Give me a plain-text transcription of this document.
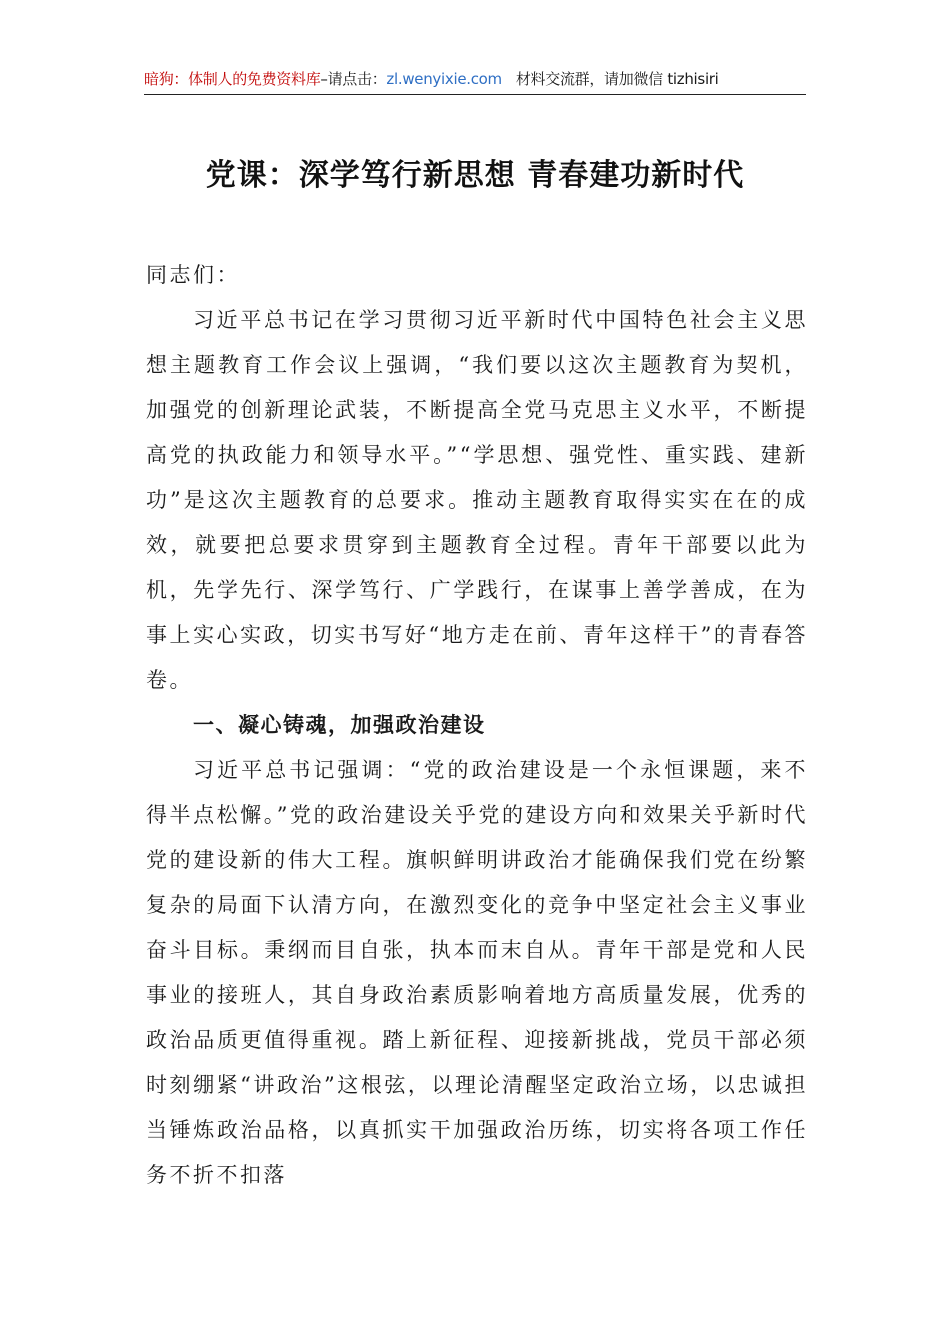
暗狗：体制人的免费资料库–请点击：zl.wenyixie.com 材料交流群，请加微信 tizhisiri
党课：深学笃行新思想 青春建功新时代

同志们：

习近平总书记在学习贯彻习近平新时代中国特色社会主义思想主题教育工作会议上强调，“我们要以这次主题教育为契机，加强党的创新理论武装，不断提高全党马克思主义水平，不断提高党的执政能力和领导水平。”“学思想、强党性、重实践、建新功”是这次主题教育的总要求。推动主题教育取得实实在在的成效，就要把总要求贯穿到主题教育全过程。青年干部要以此为机，先学先行、深学笃行、广学践行，在谋事上善学善成，在为事上实心实政，切实书写好“地方走在前、青年这样干”的青春答卷。

一、凝心铸魂，加强政治建设

习近平总书记强调：“党的政治建设是一个永恒课题，来不得半点松懈。”党的政治建设关乎党的建设方向和效果关乎新时代党的建设新的伟大工程。旗帜鲜明讲政治才能确保我们党在纷繁复杂的局面下认清方向，在激烈变化的竞争中坚定社会主义事业奋斗目标。秉纲而目自张，执本而末自从。青年干部是党和人民事业的接班人，其自身政治素质影响着地方高质量发展，优秀的政治品质更值得重视。踏上新征程、迎接新挑战，党员干部必须时刻绷紧“讲政治”这根弦，以理论清醒坚定政治立场，以忠诚担当锤炼政治品格，以真抓实干加强政治历练，切实将各项工作任务不折不扣落
